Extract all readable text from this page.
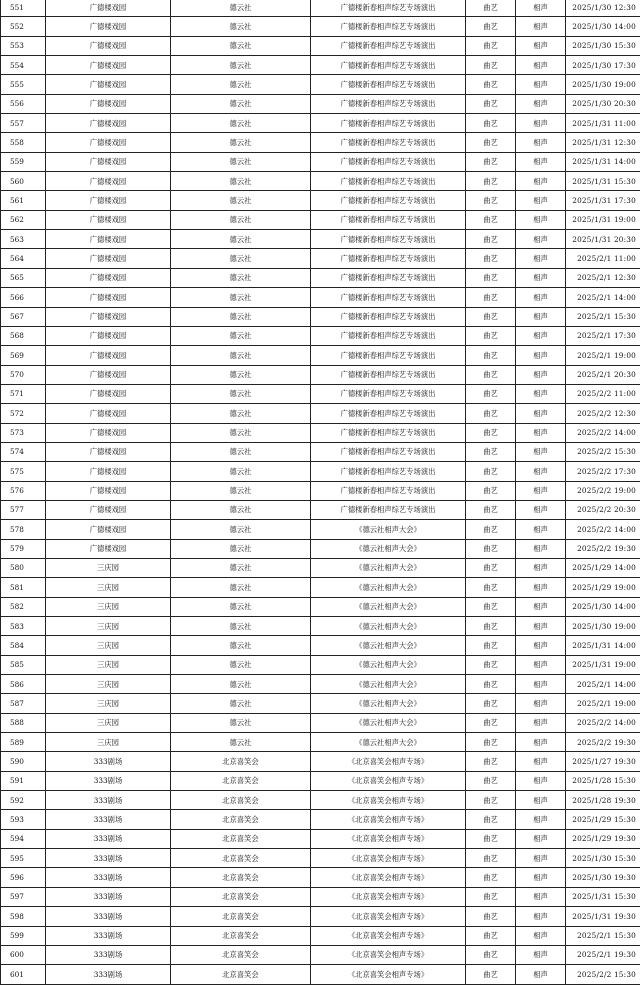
551	广德楼戏园	德云社	广德楼新春相声综艺专场演出	曲艺	相声	2025/1/30 12:30
552	广德楼戏园	德云社	广德楼新春相声综艺专场演出	曲艺	相声	2025/1/30 14:00
553	广德楼戏园	德云社	广德楼新春相声综艺专场演出	曲艺	相声	2025/1/30 15:30
554	广德楼戏园	德云社	广德楼新春相声综艺专场演出	曲艺	相声	2025/1/30 17:30
555	广德楼戏园	德云社	广德楼新春相声综艺专场演出	曲艺	相声	2025/1/30 19:00
556	广德楼戏园	德云社	广德楼新春相声综艺专场演出	曲艺	相声	2025/1/30 20:30
557	广德楼戏园	德云社	广德楼新春相声综艺专场演出	曲艺	相声	2025/1/31 11:00
558	广德楼戏园	德云社	广德楼新春相声综艺专场演出	曲艺	相声	2025/1/31 12:30
559	广德楼戏园	德云社	广德楼新春相声综艺专场演出	曲艺	相声	2025/1/31 14:00
560	广德楼戏园	德云社	广德楼新春相声综艺专场演出	曲艺	相声	2025/1/31 15:30
561	广德楼戏园	德云社	广德楼新春相声综艺专场演出	曲艺	相声	2025/1/31 17:30
562	广德楼戏园	德云社	广德楼新春相声综艺专场演出	曲艺	相声	2025/1/31 19:00
563	广德楼戏园	德云社	广德楼新春相声综艺专场演出	曲艺	相声	2025/1/31 20:30
564	广德楼戏园	德云社	广德楼新春相声综艺专场演出	曲艺	相声	2025/2/1 11:00
565	广德楼戏园	德云社	广德楼新春相声综艺专场演出	曲艺	相声	2025/2/1 12:30
566	广德楼戏园	德云社	广德楼新春相声综艺专场演出	曲艺	相声	2025/2/1 14:00
567	广德楼戏园	德云社	广德楼新春相声综艺专场演出	曲艺	相声	2025/2/1 15:30
568	广德楼戏园	德云社	广德楼新春相声综艺专场演出	曲艺	相声	2025/2/1 17:30
569	广德楼戏园	德云社	广德楼新春相声综艺专场演出	曲艺	相声	2025/2/1 19:00
570	广德楼戏园	德云社	广德楼新春相声综艺专场演出	曲艺	相声	2025/2/1 20:30
571	广德楼戏园	德云社	广德楼新春相声综艺专场演出	曲艺	相声	2025/2/2 11:00
572	广德楼戏园	德云社	广德楼新春相声综艺专场演出	曲艺	相声	2025/2/2 12:30
573	广德楼戏园	德云社	广德楼新春相声综艺专场演出	曲艺	相声	2025/2/2 14:00
574	广德楼戏园	德云社	广德楼新春相声综艺专场演出	曲艺	相声	2025/2/2 15:30
575	广德楼戏园	德云社	广德楼新春相声综艺专场演出	曲艺	相声	2025/2/2 17:30
576	广德楼戏园	德云社	广德楼新春相声综艺专场演出	曲艺	相声	2025/2/2 19:00
577	广德楼戏园	德云社	广德楼新春相声综艺专场演出	曲艺	相声	2025/2/2 20:30
578	广德楼戏园	德云社	《德云社相声大会》	曲艺	相声	2025/2/2 14:00
579	广德楼戏园	德云社	《德云社相声大会》	曲艺	相声	2025/2/2 19:30
580	三庆园	德云社	《德云社相声大会》	曲艺	相声	2025/1/29 14:00
581	三庆园	德云社	《德云社相声大会》	曲艺	相声	2025/1/29 19:00
582	三庆园	德云社	《德云社相声大会》	曲艺	相声	2025/1/30 14:00
583	三庆园	德云社	《德云社相声大会》	曲艺	相声	2025/1/30 19:00
584	三庆园	德云社	《德云社相声大会》	曲艺	相声	2025/1/31 14:00
585	三庆园	德云社	《德云社相声大会》	曲艺	相声	2025/1/31 19:00
586	三庆园	德云社	《德云社相声大会》	曲艺	相声	2025/2/1 14:00
587	三庆园	德云社	《德云社相声大会》	曲艺	相声	2025/2/1 19:00
588	三庆园	德云社	《德云社相声大会》	曲艺	相声	2025/2/2 14:00
589	三庆园	德云社	《德云社相声大会》	曲艺	相声	2025/2/2 19:30
590	333剧场	北京喜笑会	《北京喜笑会相声专场》	曲艺	相声	2025/1/27 19:30
591	333剧场	北京喜笑会	《北京喜笑会相声专场》	曲艺	相声	2025/1/28 15:30
592	333剧场	北京喜笑会	《北京喜笑会相声专场》	曲艺	相声	2025/1/28 19:30
593	333剧场	北京喜笑会	《北京喜笑会相声专场》	曲艺	相声	2025/1/29 15:30
594	333剧场	北京喜笑会	《北京喜笑会相声专场》	曲艺	相声	2025/1/29 19:30
595	333剧场	北京喜笑会	《北京喜笑会相声专场》	曲艺	相声	2025/1/30 15:30
596	333剧场	北京喜笑会	《北京喜笑会相声专场》	曲艺	相声	2025/1/30 19:30
597	333剧场	北京喜笑会	《北京喜笑会相声专场》	曲艺	相声	2025/1/31 15:30
598	333剧场	北京喜笑会	《北京喜笑会相声专场》	曲艺	相声	2025/1/31 19:30
599	333剧场	北京喜笑会	《北京喜笑会相声专场》	曲艺	相声	2025/2/1 15:30
600	333剧场	北京喜笑会	《北京喜笑会相声专场》	曲艺	相声	2025/2/1 19:30
601	333剧场	北京喜笑会	《北京喜笑会相声专场》	曲艺	相声	2025/2/2 15:30
